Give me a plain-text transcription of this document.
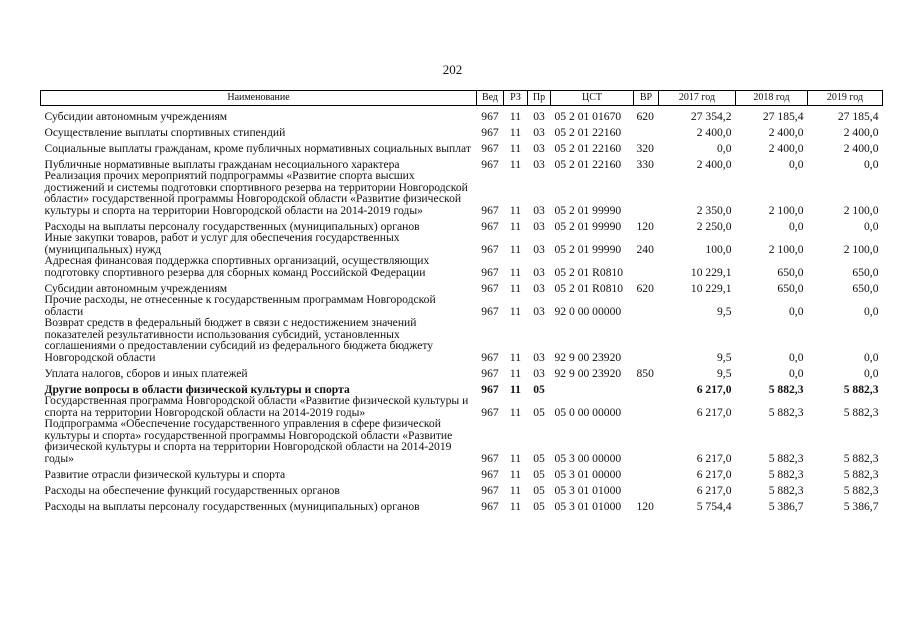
202
Наименование	Вед	РЗ	Пр	ЦСТ	ВР	2017 год	2018 год	2019 год
Субсидии автономным учреждениям	967	11	03	05 2 01 01670	620	27 354,2	27 185,4	27 185,4
Осуществление выплаты спортивных стипендий	967	11	03	05 2 01 22160		2 400,0	2 400,0	2 400,0
Социальные выплаты гражданам, кроме публичных нормативных социальных выплат	967	11	03	05 2 01 22160	320	0,0	2 400,0	2 400,0
Публичные нормативные выплаты гражданам несоциального характера	967	11	03	05 2 01 22160	330	2 400,0	0,0	0,0
Реализация прочих мероприятий подпрограммы «Развитие спорта высших достижений и системы подготовки спортивного резерва на территории Новгородской области» государственной программы Новгородской области «Развитие физической культуры и спорта на территории Новгородской области на 2014-2019 годы»	967	11	03	05 2 01 99990		2 350,0	2 100,0	2 100,0
Расходы на выплаты персоналу государственных (муниципальных) органов	967	11	03	05 2 01 99990	120	2 250,0	0,0	0,0
Иные закупки товаров, работ и услуг для обеспечения государственных (муниципальных) нужд	967	11	03	05 2 01 99990	240	100,0	2 100,0	2 100,0
Адресная финансовая поддержка спортивных организаций, осуществляющих подготовку спортивного резерва для сборных команд Российской Федерации	967	11	03	05 2 01 R0810		10 229,1	650,0	650,0
Субсидии автономным учреждениям	967	11	03	05 2 01 R0810	620	10 229,1	650,0	650,0
Прочие расходы, не отнесенные к государственным программам Новгородской области	967	11	03	92 0 00 00000		9,5	0,0	0,0
Возврат средств в федеральный бюджет в связи с недостижением значений показателей результативности использования субсидий, установленных соглашениями о предоставлении субсидий из федерального бюджета бюджету Новгородской области	967	11	03	92 9 00 23920		9,5	0,0	0,0
Уплата налогов, сборов и иных платежей	967	11	03	92 9 00 23920	850	9,5	0,0	0,0
Другие вопросы в области физической культуры и спорта	967	11	05			6 217,0	5 882,3	5 882,3
Государственная программа Новгородской области «Развитие физической культуры и спорта на территории Новгородской области на 2014-2019 годы»	967	11	05	05 0 00 00000		6 217,0	5 882,3	5 882,3
Подпрограмма «Обеспечение государственного управления в сфере физической культуры и спорта» государственной программы Новгородской области «Развитие физической культуры и спорта на территории Новгородской области на 2014-2019 годы»	967	11	05	05 3 00 00000		6 217,0	5 882,3	5 882,3
Развитие отрасли физической культуры и спорта	967	11	05	05 3 01 00000		6 217,0	5 882,3	5 882,3
Расходы на обеспечение функций государственных органов	967	11	05	05 3 01 01000		6 217,0	5 882,3	5 882,3
Расходы на выплаты персоналу государственных (муниципальных) органов	967	11	05	05 3 01 01000	120	5 754,4	5 386,7	5 386,7
